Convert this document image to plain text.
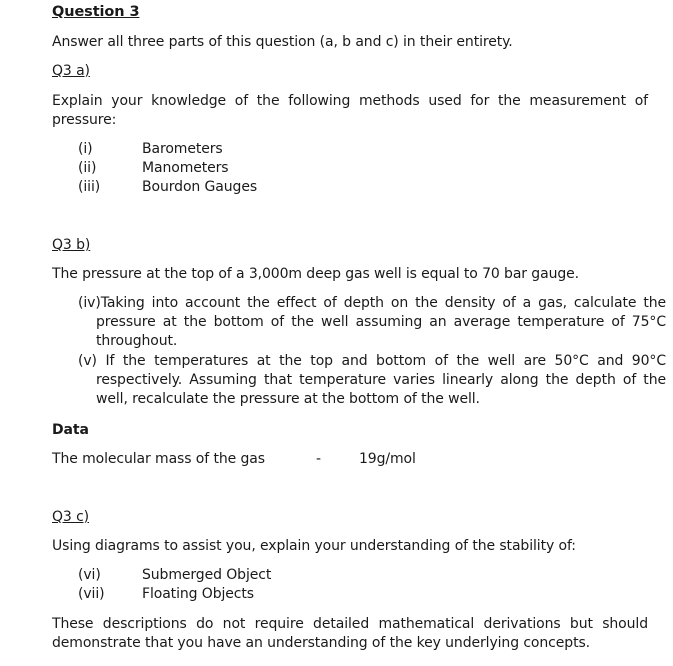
Question 3
Answer all three parts of this question (a, b and c) in their entirety.
Q3 a)
Explain your knowledge of the following methods used for the measurement of pressure:
(i)	Barometers
(ii)	Manometers
(iii)	Bourdon Gauges
Q3 b)
The pressure at the top of a 3,000m deep gas well is equal to 70 bar gauge.
(iv)Taking into account the effect of depth on the density of a gas, calculate the pressure at the bottom of the well assuming an average temperature of 75°C throughout.
(v) If the temperatures at the top and bottom of the well are 50°C and 90°C respectively. Assuming that temperature varies linearly along the depth of the well, recalculate the pressure at the bottom of the well.
Data
The molecular mass of the gas	-	19g/mol
Q3 c)
Using diagrams to assist you, explain your understanding of the stability of:
(vi)	Submerged Object
(vii)	Floating Objects
These descriptions do not require detailed mathematical derivations but should demonstrate that you have an understanding of the key underlying concepts.
